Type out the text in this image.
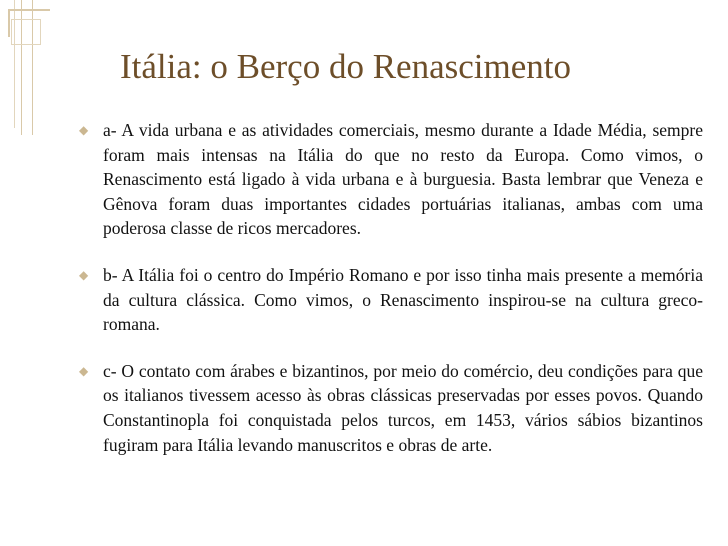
Itália: o Berço do Renascimento

◆ a- A vida urbana e as atividades comerciais, mesmo durante a Idade Média, sempre foram mais intensas na Itália do que no resto da Europa. Como vimos, o Renascimento está ligado à vida urbana e à burguesia. Basta lembrar que Veneza e Gênova foram duas importantes cidades portuárias italianas, ambas com uma poderosa classe de ricos mercadores.

◆ b- A Itália foi o centro do Império Romano e por isso tinha mais presente a memória da cultura clássica. Como vimos, o Renascimento inspirou-se na cultura greco-romana.

◆ c- O contato com árabes e bizantinos, por meio do comércio, deu condições para que os italianos tivessem acesso às obras clássicas preservadas por esses povos. Quando Constantinopla foi conquistada pelos turcos, em 1453, vários sábios bizantinos fugiram para Itália levando manuscritos e obras de arte.
